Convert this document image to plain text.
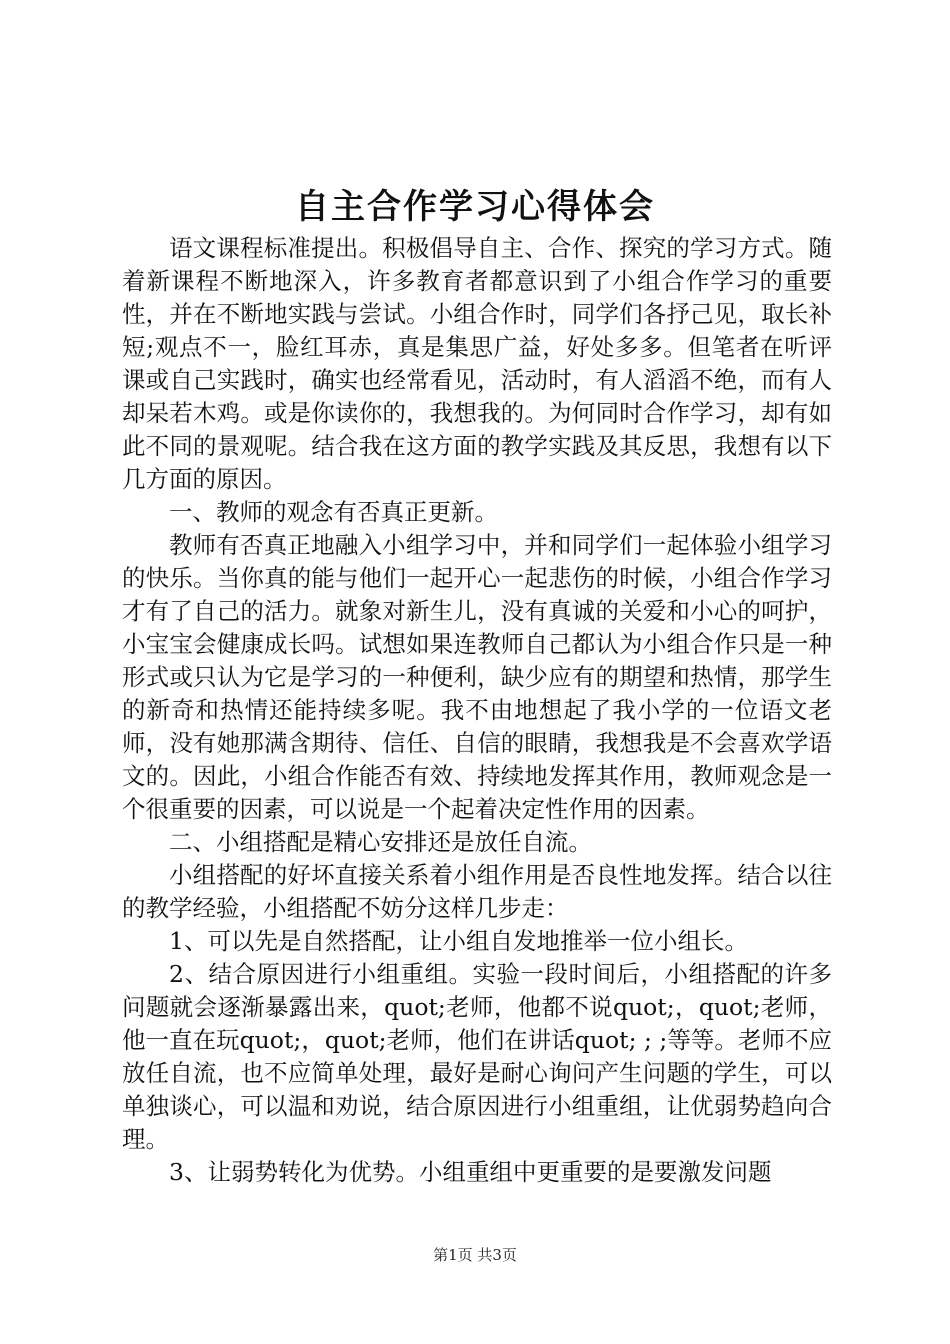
自主合作学习心得体会

语文课程标准提出。积极倡导自主、合作、探究的学习方式。随着新课程不断地深入，许多教育者都意识到了小组合作学习的重要性，并在不断地实践与尝试。小组合作时，同学们各抒己见，取长补短;观点不一，脸红耳赤，真是集思广益，好处多多。但笔者在听评课或自己实践时，确实也经常看见，活动时，有人滔滔不绝，而有人却呆若木鸡。或是你读你的，我想我的。为何同时合作学习，却有如此不同的景观呢。结合我在这方面的教学实践及其反思，我想有以下几方面的原因。

一、教师的观念有否真正更新。

教师有否真正地融入小组学习中，并和同学们一起体验小组学习的快乐。当你真的能与他们一起开心一起悲伤的时候，小组合作学习才有了自己的活力。就象对新生儿，没有真诚的关爱和小心的呵护，小宝宝会健康成长吗。试想如果连教师自己都认为小组合作只是一种形式或只认为它是学习的一种便利，缺少应有的期望和热情，那学生的新奇和热情还能持续多呢。我不由地想起了我小学的一位语文老师，没有她那满含期待、信任、自信的眼睛，我想我是不会喜欢学语文的。因此，小组合作能否有效、持续地发挥其作用，教师观念是一个很重要的因素，可以说是一个起着决定性作用的因素。

二、小组搭配是精心安排还是放任自流。

小组搭配的好坏直接关系着小组作用是否良性地发挥。结合以往的教学经验，小组搭配不妨分这样几步走：

1、可以先是自然搭配，让小组自发地推举一位小组长。

2、结合原因进行小组重组。实验一段时间后，小组搭配的许多问题就会逐渐暴露出来，quot;老师，他都不说quot;，quot;老师，他一直在玩quot;，quot;老师，他们在讲话quot; ; ;等等。老师不应放任自流，也不应简单处理，最好是耐心询问产生问题的学生，可以单独谈心，可以温和劝说，结合原因进行小组重组，让优弱势趋向合理。

3、让弱势转化为优势。小组重组中更重要的是要激发问题

第1页 共3页
